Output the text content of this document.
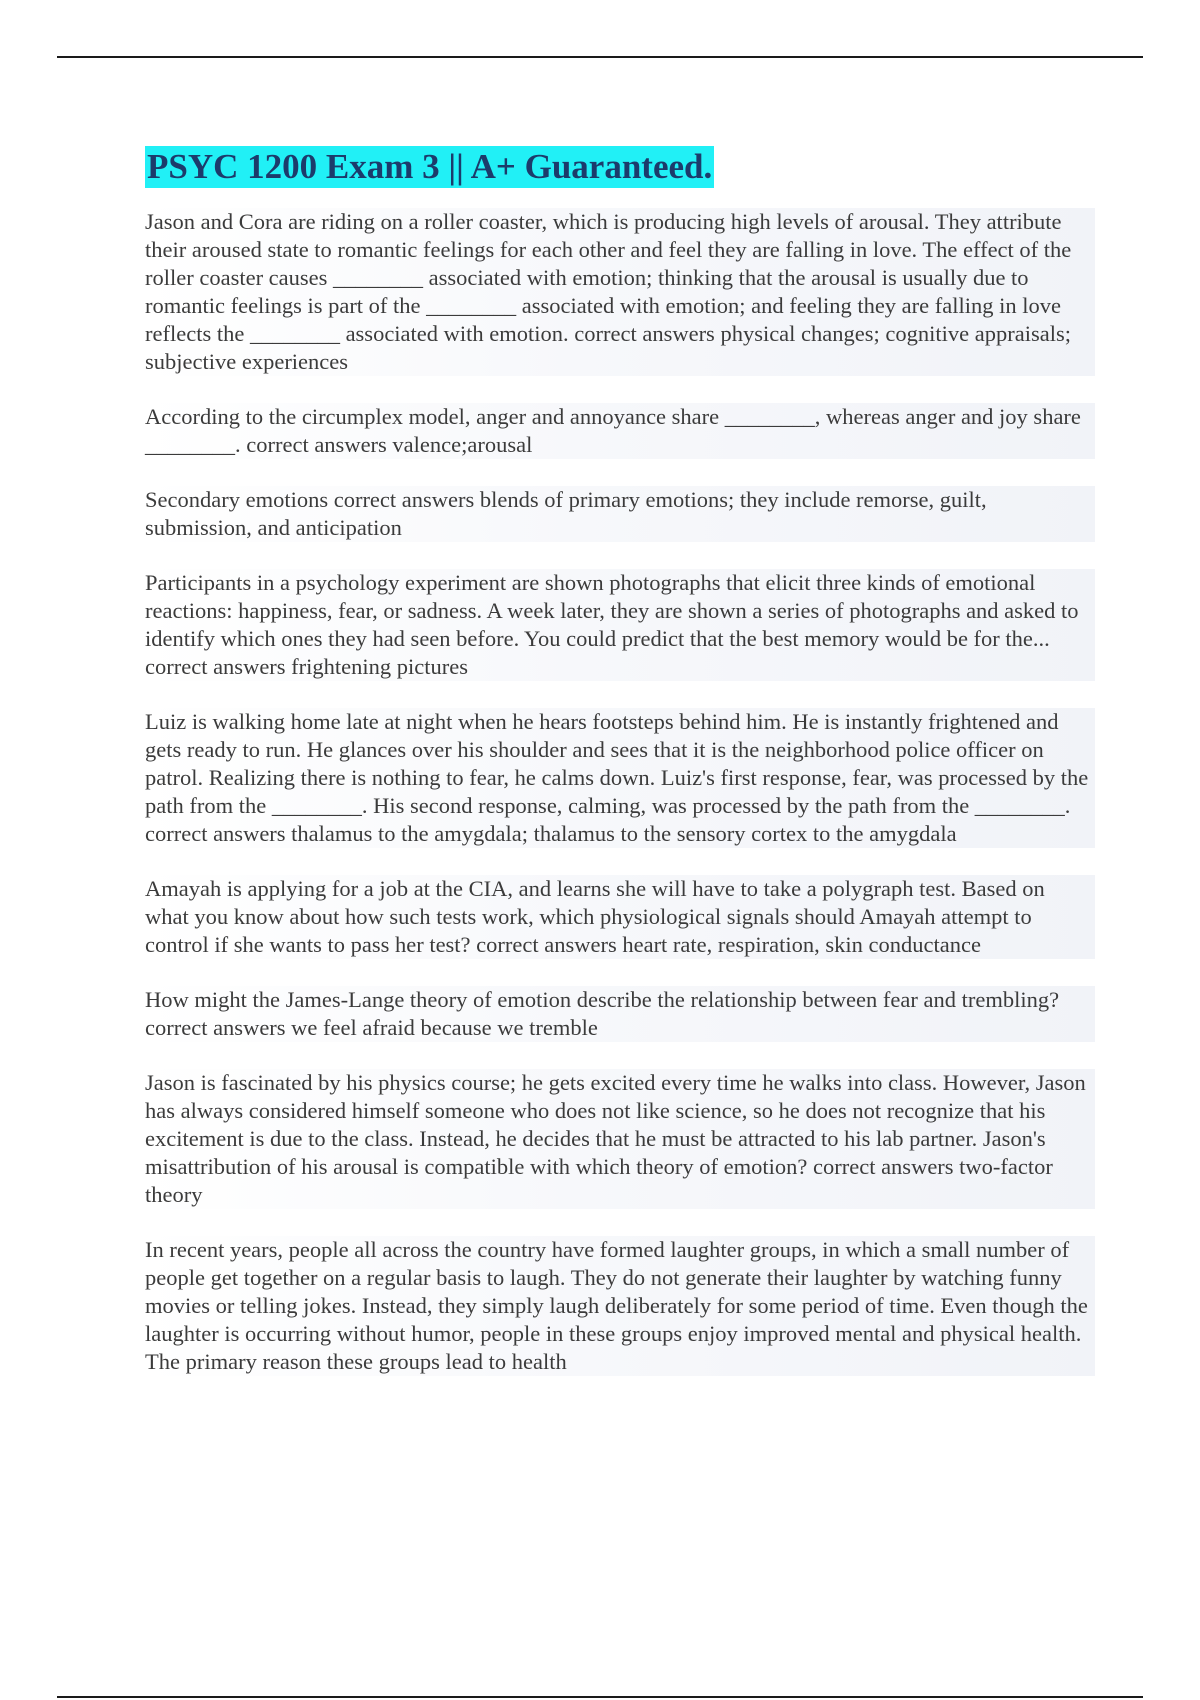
PSYC 1200 Exam 3 || A+ Guaranteed.

Jason and Cora are riding on a roller coaster, which is producing high levels of arousal. They attribute their aroused state to romantic feelings for each other and feel they are falling in love. The effect of the roller coaster causes ________ associated with emotion; thinking that the arousal is usually due to romantic feelings is part of the ________ associated with emotion; and feeling they are falling in love reflects the ________ associated with emotion. correct answers physical changes; cognitive appraisals; subjective experiences

According to the circumplex model, anger and annoyance share ________, whereas anger and joy share ________. correct answers valence;arousal

Secondary emotions correct answers blends of primary emotions; they include remorse, guilt, submission, and anticipation

Participants in a psychology experiment are shown photographs that elicit three kinds of emotional reactions: happiness, fear, or sadness. A week later, they are shown a series of photographs and asked to identify which ones they had seen before. You could predict that the best memory would be for the... correct answers frightening pictures

Luiz is walking home late at night when he hears footsteps behind him. He is instantly frightened and gets ready to run. He glances over his shoulder and sees that it is the neighborhood police officer on patrol. Realizing there is nothing to fear, he calms down. Luiz's first response, fear, was processed by the path from the ________. His second response, calming, was processed by the path from the ________. correct answers thalamus to the amygdala; thalamus to the sensory cortex to the amygdala

Amayah is applying for a job at the CIA, and learns she will have to take a polygraph test. Based on what you know about how such tests work, which physiological signals should Amayah attempt to control if she wants to pass her test? correct answers heart rate, respiration, skin conductance

How might the James-Lange theory of emotion describe the relationship between fear and trembling? correct answers we feel afraid because we tremble

Jason is fascinated by his physics course; he gets excited every time he walks into class. However, Jason has always considered himself someone who does not like science, so he does not recognize that his excitement is due to the class. Instead, he decides that he must be attracted to his lab partner. Jason's misattribution of his arousal is compatible with which theory of emotion? correct answers two-factor theory

In recent years, people all across the country have formed laughter groups, in which a small number of people get together on a regular basis to laugh. They do not generate their laughter by watching funny movies or telling jokes. Instead, they simply laugh deliberately for some period of time. Even though the laughter is occurring without humor, people in these groups enjoy improved mental and physical health. The primary reason these groups lead to health
